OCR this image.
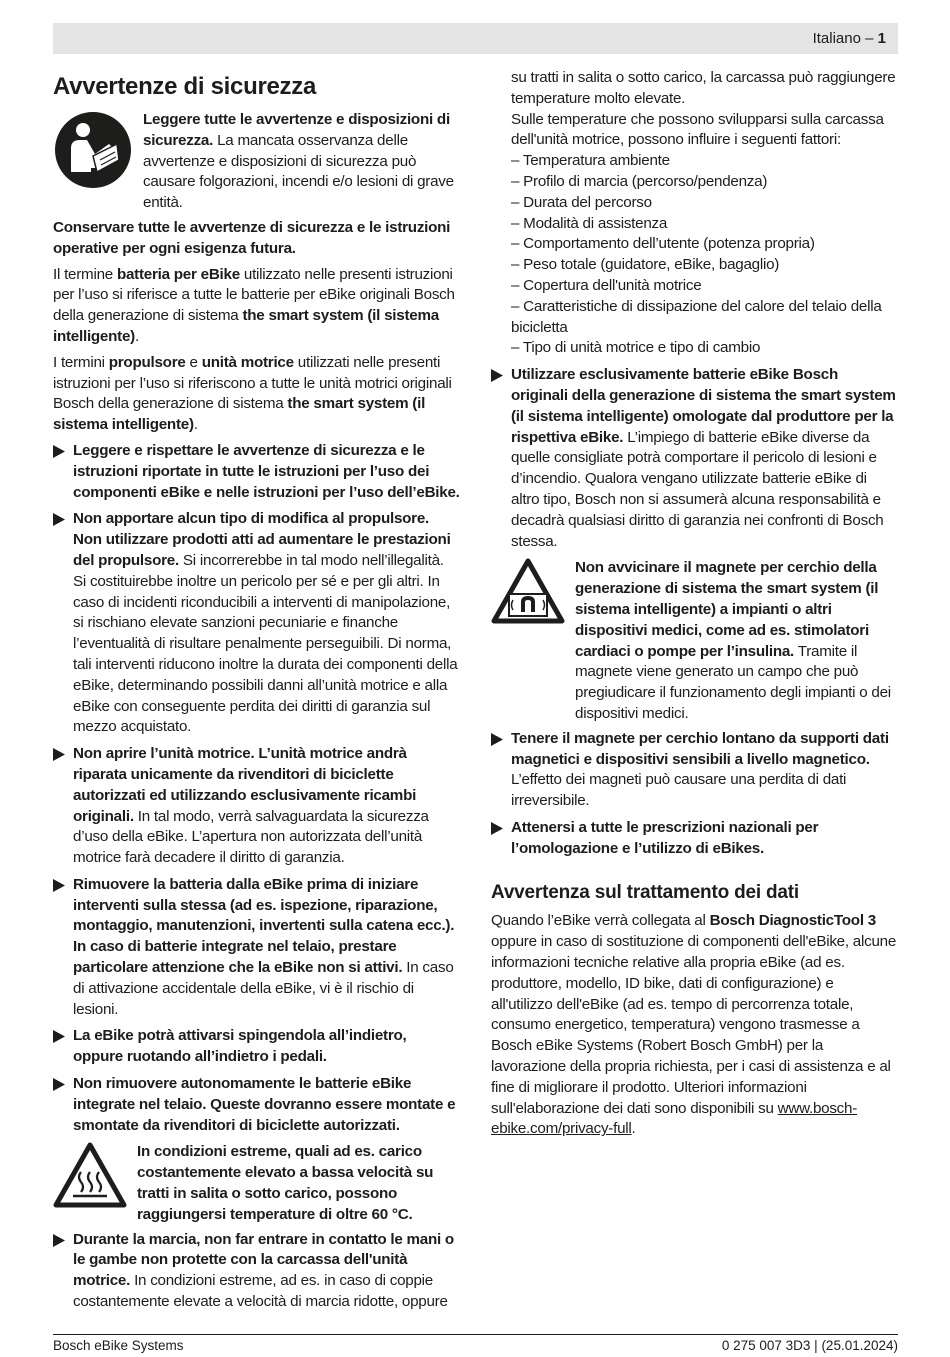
Italiano – 1
Avvertenze di sicurezza
Leggere tutte le avvertenze e disposizioni di sicurezza. La mancata osservanza delle avvertenze e disposizioni di sicurezza può causare folgorazioni, incendi e/o lesioni di grave entità.

Conservare tutte le avvertenze di sicurezza e le istruzioni operative per ogni esigenza futura.

Il termine batteria per eBike utilizzato nelle presenti istruzioni per l’uso si riferisce a tutte le batterie per eBike originali Bosch della generazione di sistema the smart system (il sistema intelligente).

I termini propulsore e unità motrice utilizzati nelle presenti istruzioni per l’uso si riferiscono a tutte le unità motrici originali Bosch della generazione di sistema the smart system (il sistema intelligente).

Leggere e rispettare le avvertenze di sicurezza e le istruzioni riportate in tutte le istruzioni per l’uso dei componenti eBike e nelle istruzioni per l’uso dell’eBike.
Non apportare alcun tipo di modifica al propulsore. Non utilizzare prodotti atti ad aumentare le prestazioni del propulsore. Si incorrerebbe in tal modo nell’illegalità. Si costituirebbe inoltre un pericolo per sé e per gli altri. In caso di incidenti riconducibili a interventi di manipolazione, si rischiano elevate sanzioni pecuniarie e finanche l’eventualità di risultare penalmente perseguibili. Di norma, tali interventi riducono inoltre la durata dei componenti della eBike, determinando possibili danni all’unità motrice e alla eBike con conseguente perdita dei diritti di garanzia sul mezzo acquistato.
Non aprire l’unità motrice. L’unità motrice andrà riparata unicamente da rivenditori di biciclette autorizzati ed utilizzando esclusivamente ricambi originali. In tal modo, verrà salvaguardata la sicurezza d’uso della eBike. L’apertura non autorizzata dell’unità motrice farà decadere il diritto di garanzia.
Rimuovere la batteria dalla eBike prima di iniziare interventi sulla stessa (ad es. ispezione, riparazione, montaggio, manutenzioni, invertenti sulla catena ecc.). In caso di batterie integrate nel telaio, prestare particolare attenzione che la eBike non si attivi. In caso di attivazione accidentale della eBike, vi è il rischio di lesioni.
La eBike potrà attivarsi spingendola all’indietro, oppure ruotando all’indietro i pedali.
Non rimuovere autonomamente le batterie eBike integrate nel telaio. Queste dovranno essere montate e smontate da rivenditori di biciclette autorizzati.
In condizioni estreme, quali ad es. carico costantemente elevato a bassa velocità su tratti in salita o sotto carico, possono raggiungersi temperature di oltre 60 °C.
Durante la marcia, non far entrare in contatto le mani o le gambe non protette con la carcassa dell'unità motrice. In condizioni estreme, ad es. in caso di coppie costantemente elevate a velocità di marcia ridotte, oppure
su tratti in salita o sotto carico, la carcassa può raggiungere temperature molto elevate.
Sulle temperature che possono svilupparsi sulla carcassa dell'unità motrice, possono influire i seguenti fattori:
– Temperatura ambiente
– Profilo di marcia (percorso/pendenza)
– Durata del percorso
– Modalità di assistenza
– Comportamento dell’utente (potenza propria)
– Peso totale (guidatore, eBike, bagaglio)
– Copertura dell'unità motrice
– Caratteristiche di dissipazione del calore del telaio della bicicletta
– Tipo di unità motrice e tipo di cambio
Utilizzare esclusivamente batterie eBike Bosch originali della generazione di sistema the smart system (il sistema intelligente) omologate dal produttore per la rispettiva eBike. L’impiego di batterie eBike diverse da quelle consigliate potrà comportare il pericolo di lesioni e d’incendio. Qualora vengano utilizzate batterie eBike di altro tipo, Bosch non si assumerà alcuna responsabilità e decadrà qualsiasi diritto di garanzia nei confronti di Bosch stessa.
Non avvicinare il magnete per cerchio della generazione di sistema the smart system (il sistema intelligente) a impianti o altri dispositivi medici, come ad es. stimolatori cardiaci o pompe per l’insulina. Tramite il magnete viene generato un campo che può pregiudicare il funzionamento degli impianti o dei dispositivi medici.
Tenere il magnete per cerchio lontano da supporti dati magnetici e dispositivi sensibili a livello magnetico. L’effetto dei magneti può causare una perdita di dati irreversibile.
Attenersi a tutte le prescrizioni nazionali per l’omologazione e l’utilizzo di eBikes.
Avvertenza sul trattamento dei dati

Quando l’eBike verrà collegata al Bosch DiagnosticTool 3 oppure in caso di sostituzione di componenti dell'eBike, alcune informazioni tecniche relative alla propria eBike (ad es. produttore, modello, ID bike, dati di configurazione) e all'utilizzo dell'eBike (ad es. tempo di percorrenza totale, consumo energetico, temperatura) vengono trasmesse a Bosch eBike Systems (Robert Bosch GmbH) per la lavorazione della propria richiesta, per i casi di assistenza e al fine di migliorare il prodotto. Ulteriori informazioni sull'elaborazione dei dati sono disponibili su www.bosch-ebike.com/privacy-full.

Bosch eBike Systems	0 275 007 3D3 | (25.01.2024)
